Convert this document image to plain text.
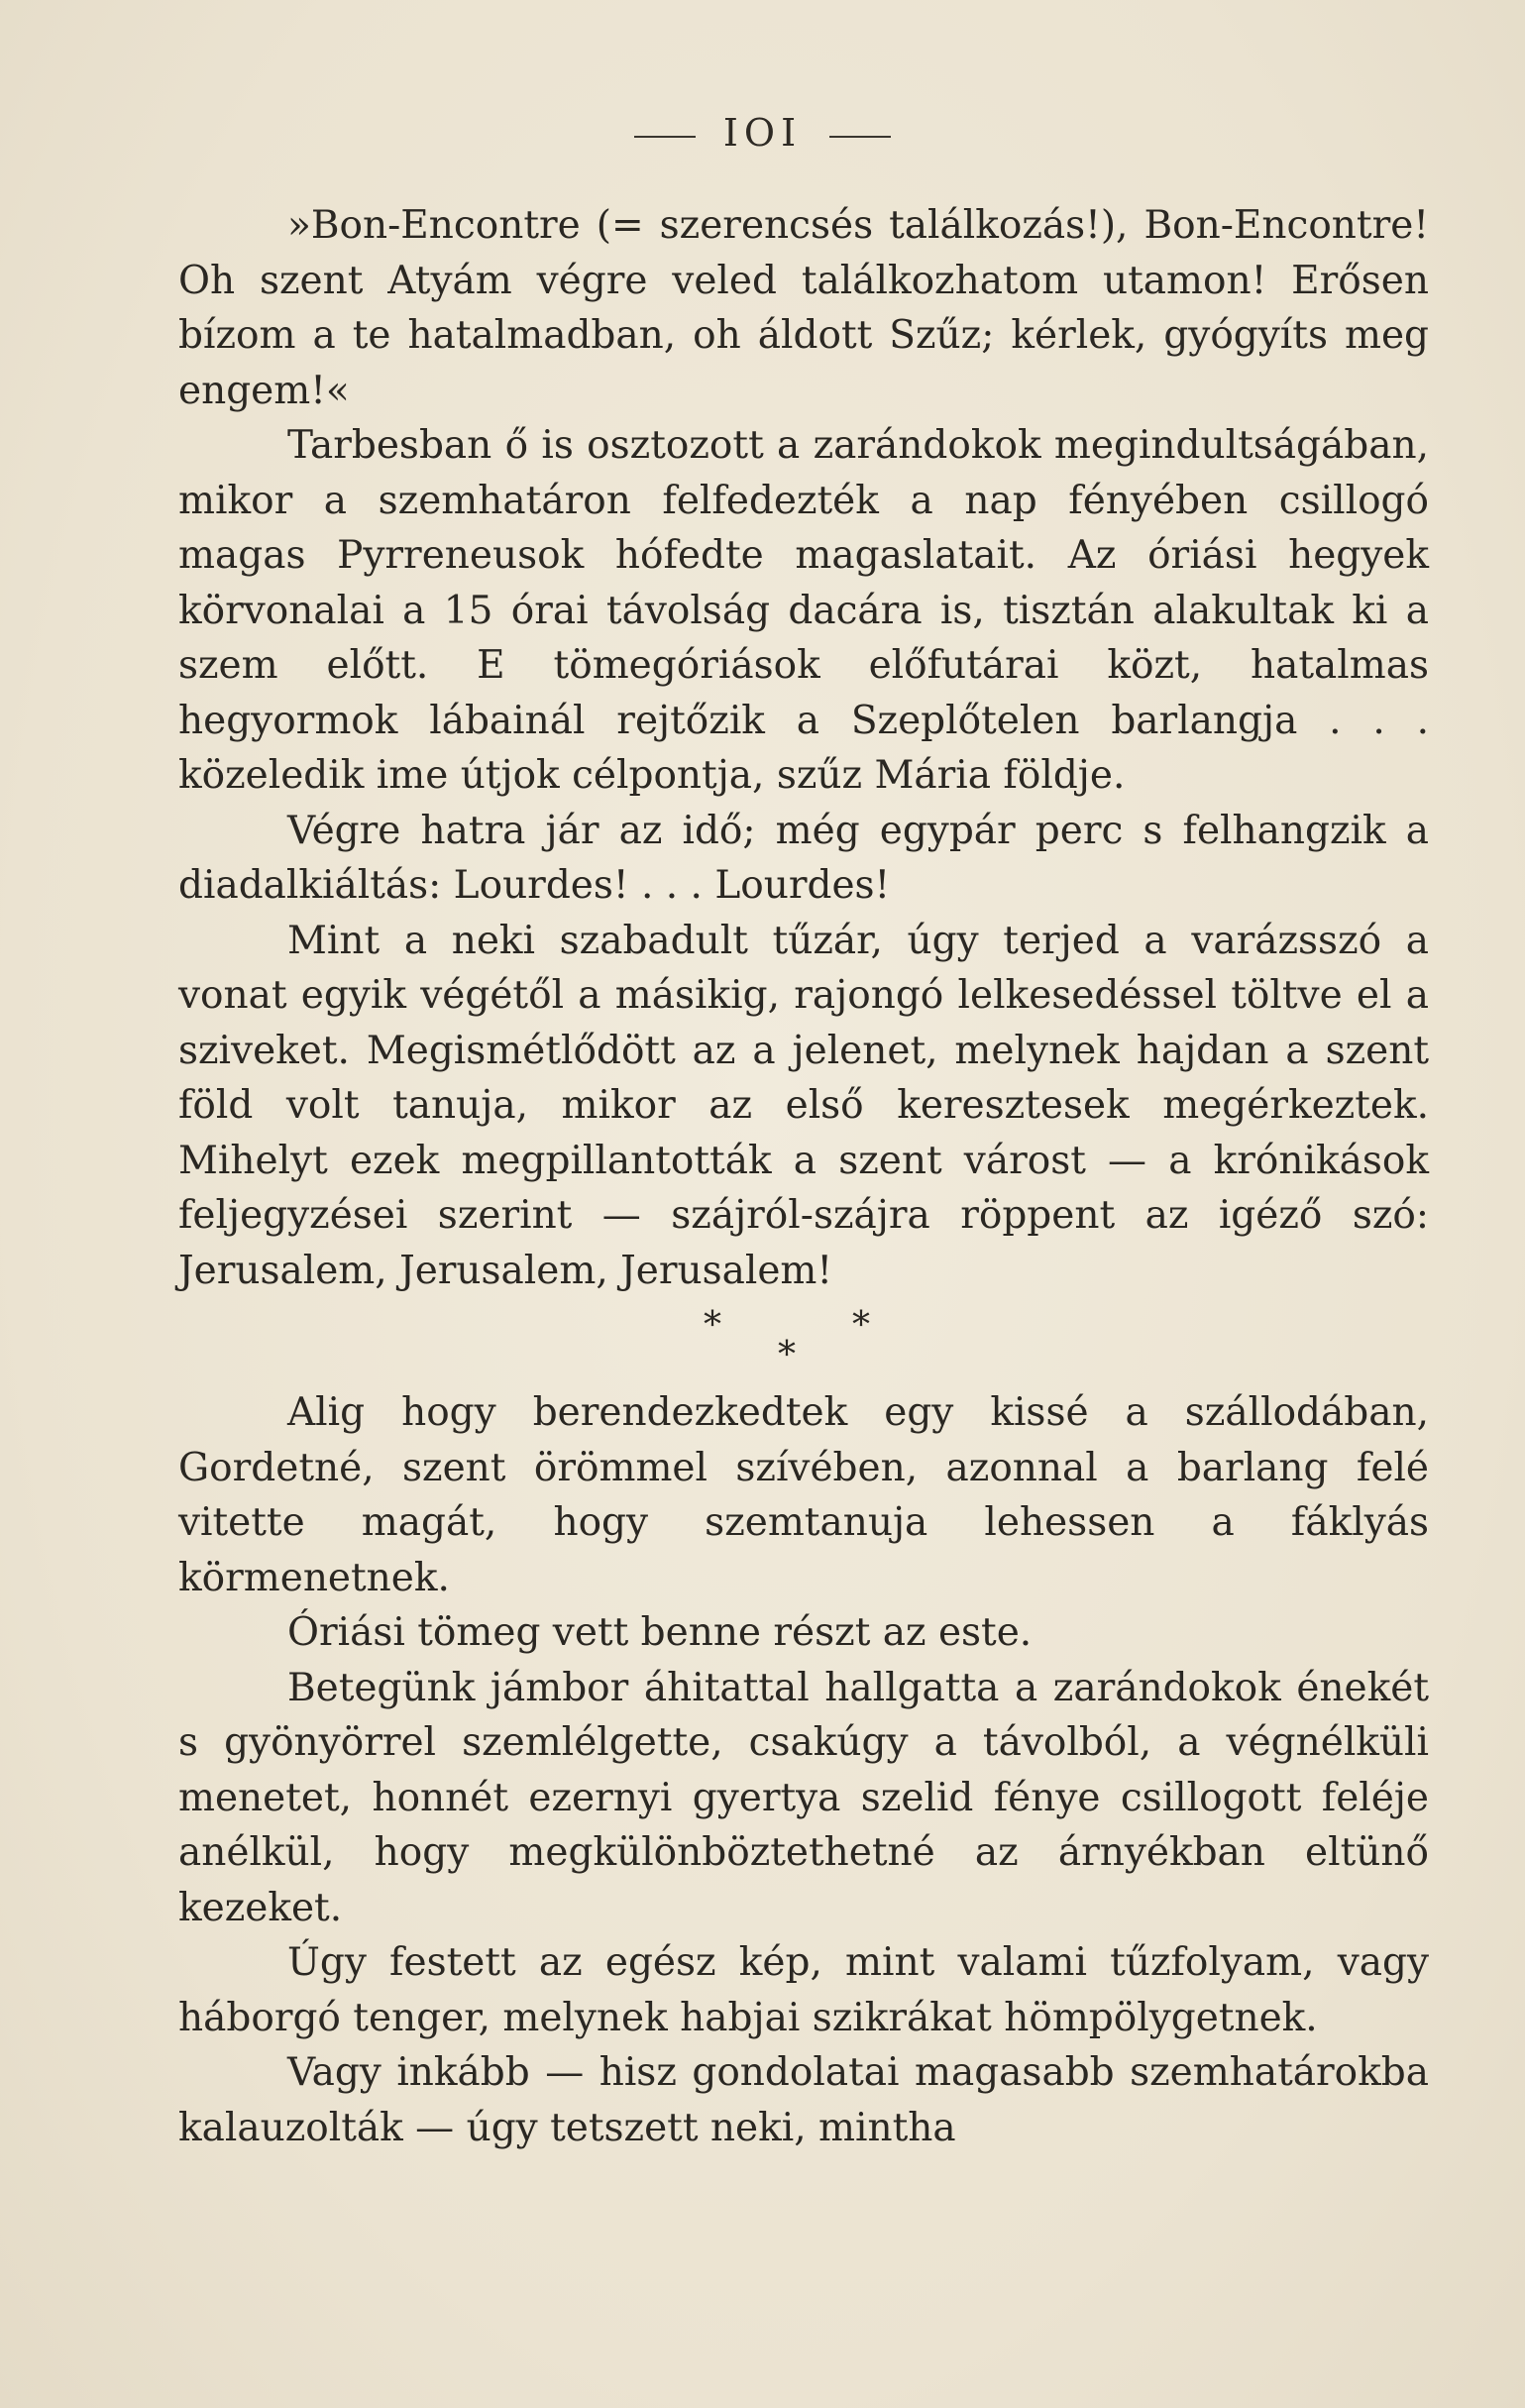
IOI

»Bon-Encontre (= szerencsés találkozás!), Bon-Encontre! Oh szent Atyám végre veled találkozhatom utamon! Erősen bízom a te hatalmadban, oh áldott Szűz; kérlek, gyógyíts meg engem!«

Tarbesban ő is osztozott a zarándokok megindultságában, mikor a szemhatáron felfedezték a nap fényében csillogó magas Pyrreneusok hófedte magaslatait. Az óriási hegyek körvonalai a 15 órai távolság dacára is, tisztán alakultak ki a szem előtt. E tömegóriások előfutárai közt, hatalmas hegyormok lábainál rejtőzik a Szeplőtelen barlangja . . . közeledik ime útjok célpontja, szűz Mária földje.

Végre hatra jár az idő; még egypár perc s felhangzik a diadalkiáltás: Lourdes! . . . Lourdes!

Mint a neki szabadult tűzár, úgy terjed a varázsszó a vonat egyik végétől a másikig, rajongó lelkesedéssel töltve el a sziveket. Megismétlődött az a jelenet, melynek hajdan a szent föld volt tanuja, mikor az első keresztesek megérkeztek. Mihelyt ezek megpillantották a szent várost — a krónikások feljegyzései szerint — szájról-szájra röppent az igéző szó: Jerusalem, Jerusalem, Jerusalem!

*	*
*

Alig hogy berendezkedtek egy kissé a szállodában, Gordetné, szent örömmel szívében, azonnal a barlang felé vitette magát, hogy szemtanuja lehessen a fáklyás körmenetnek.

Óriási tömeg vett benne részt az este.

Betegünk jámbor áhitattal hallgatta a zarándokok énekét s gyönyörrel szemlélgette, csakúgy a távolból, a végnélküli menetet, honnét ezernyi gyertya szelid fénye csillogott feléje anélkül, hogy megkülönböztethetné az árnyékban eltünő kezeket.

Úgy festett az egész kép, mint valami tűzfolyam, vagy háborgó tenger, melynek habjai szikrákat hömpölygetnek.

Vagy inkább — hisz gondolatai magasabb szemhatárokba kalauzolták — úgy tetszett neki, mintha
